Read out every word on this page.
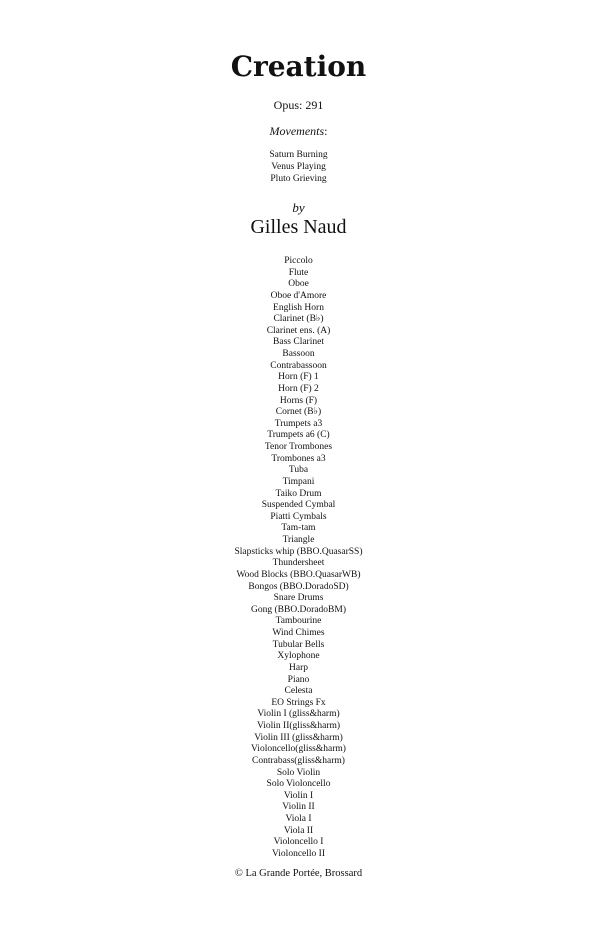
Creation
Opus: 291
Movements:
Saturn Burning
Venus Playing
Pluto Grieving
by
Gilles Naud
Piccolo
Flute
Oboe
Oboe d'Amore
English Horn
Clarinet (B♭)
Clarinet ens. (A)
Bass Clarinet
Bassoon
Contrabassoon
Horn (F) 1
Horn (F) 2
Horns (F)
Cornet (B♭)
Trumpets a3
Trumpets a6 (C)
Tenor Trombones
Trombones a3
Tuba
Timpani
Taiko Drum
Suspended Cymbal
Piatti Cymbals
Tam-tam
Triangle
Slapsticks whip (BBO.QuasarSS)
Thundersheet
Wood Blocks (BBO.QuasarWB)
Bongos (BBO.DoradoSD)
Snare Drums
Gong (BBO.DoradoBM)
Tambourine
Wind Chimes
Tubular Bells
Xylophone
Harp
Piano
Celesta
EO Strings Fx
Violin I (gliss&harm)
Violin II(gliss&harm)
Violin III (gliss&harm)
Violoncello(gliss&harm)
Contrabass(gliss&harm)
Solo Violin
Solo Violoncello
Violin I
Violin II
Viola I
Viola II
Violoncello I
Violoncello II
© La Grande Portée, Brossard
